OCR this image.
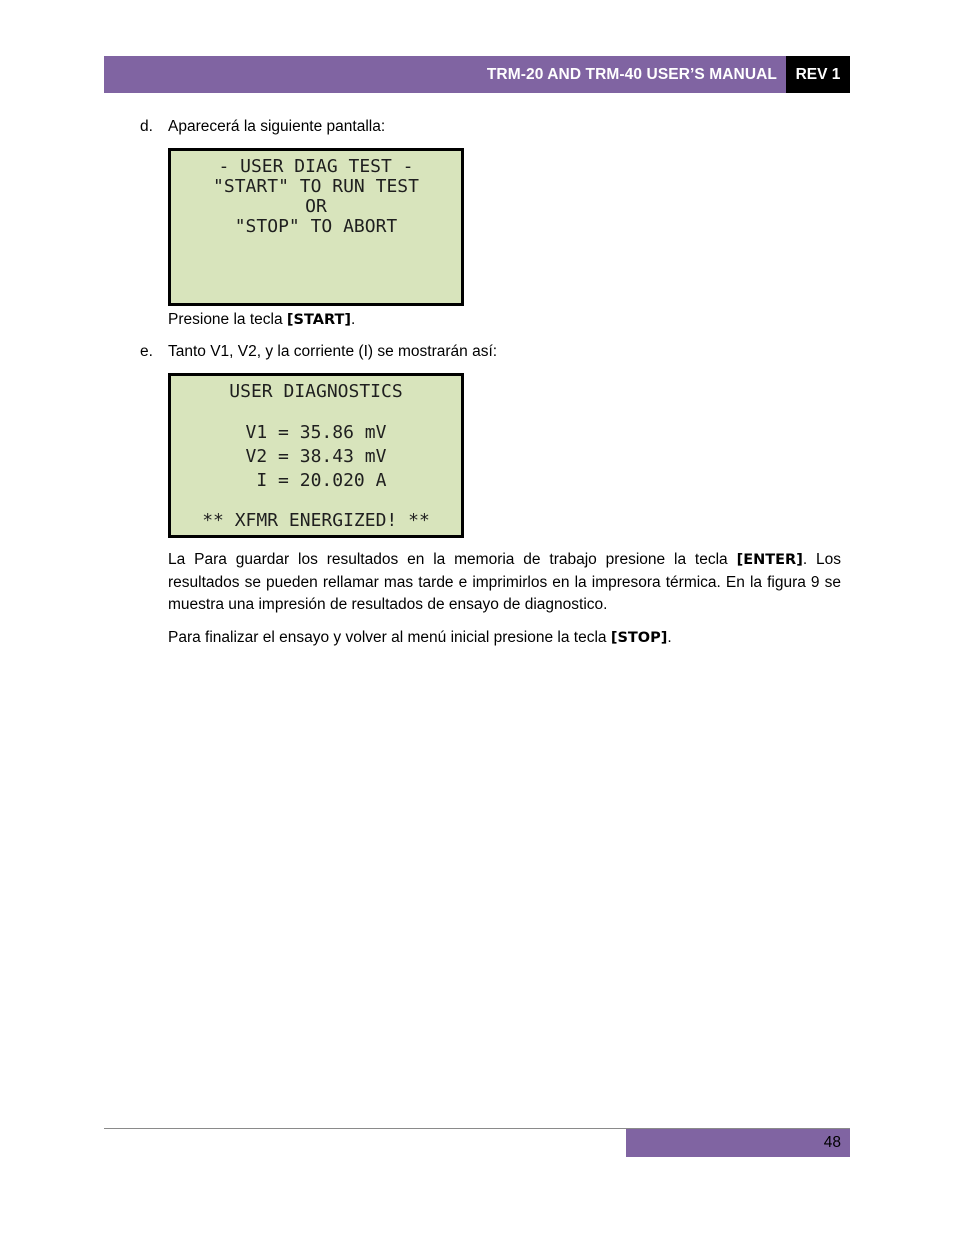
TRM-20 AND TRM-40 USER’S MANUAL	REV 1
d. Aparecerá la siguiente pantalla:

- USER DIAG TEST -

"START" TO RUN TEST

OR

"STOP" TO ABORT

Presione la tecla [START].
e. Tanto V1, V2, y la corriente (I) se mostrarán así:

USER DIAGNOSTICS

V1 = 35.86 mV

V2 = 38.43 mV

I = 20.020 A

** XFMR ENERGIZED! **

La Para guardar los resultados en la memoria de trabajo presione la tecla [ENTER]. Los resultados se pueden rellamar mas tarde e imprimirlos en la impresora térmica. En la figura 9 se muestra una impresión de resultados de ensayo de diagnostico.
Para finalizar el ensayo y volver al menú inicial presione la tecla [STOP].
48
